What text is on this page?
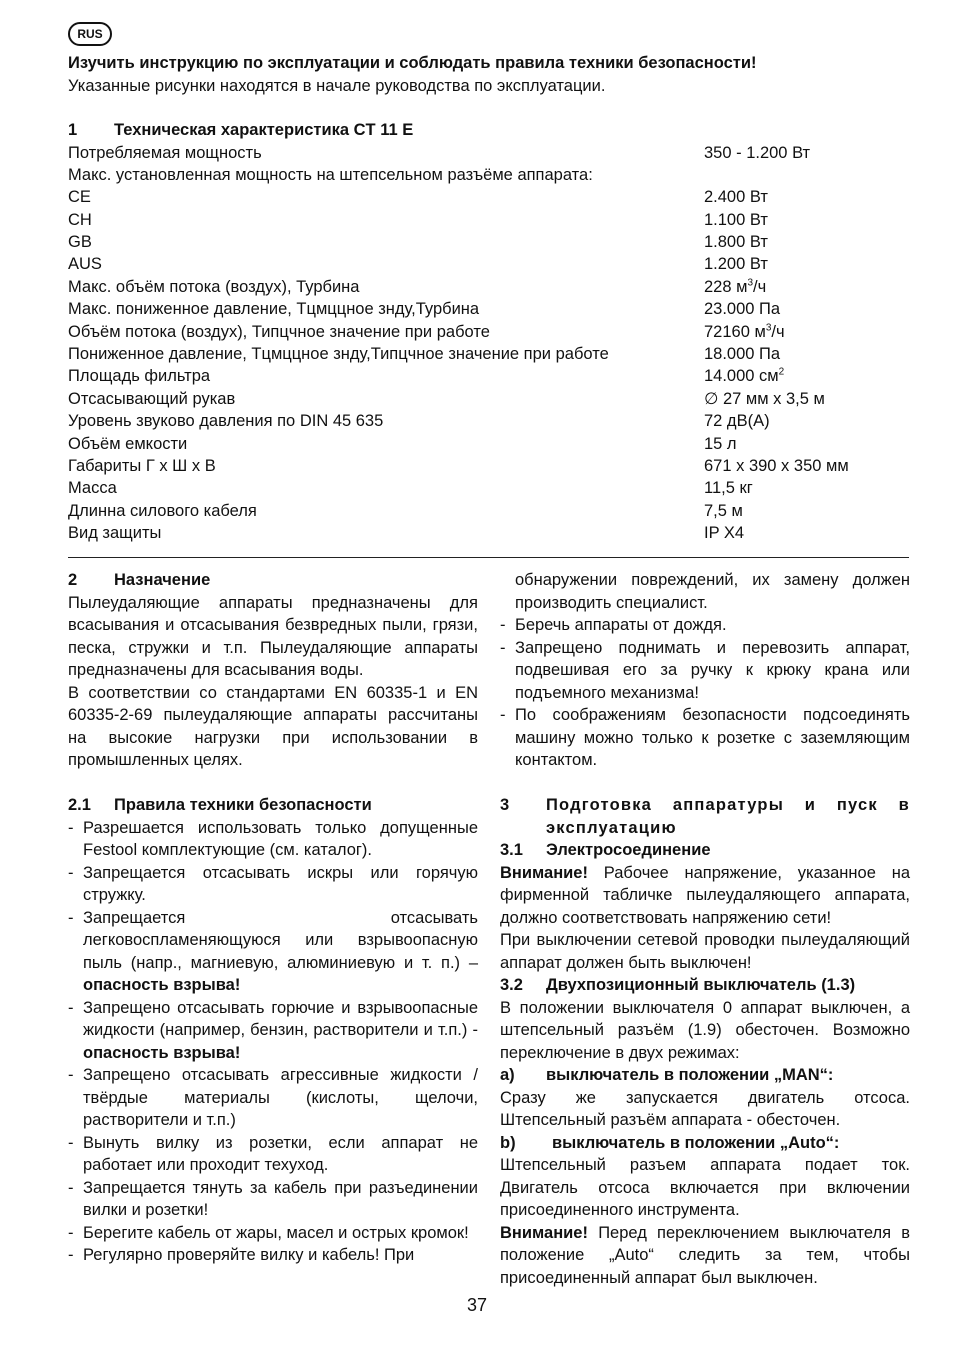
RUS
Изучить инструкцию по эксплуатации и соблюдать правила техники безопасности!
Указанные рисунки находятся в начале руководства по эксплуатации.
1 Техническая характеристика CT 11 E
Потребляемая мощность	350 - 1.200 Вт
Макс. установленная мощность на штепсельном разъёме аппарата:
CE	2.400 Вт
CH	1.100 Вт
GB	1.800 Вт
AUS	1.200 Вт
Макс. объём потока (воздух), Турбина	228 $м^3/ч$
Макс. пониженное давление, Тцмццное знду,Турбина	23.000 Па
Объём потока (воздух), Типцчное значение при работе	72160 $м^3/ч$
Пониженное давление, Тцмццное знду,Типцчное значение при работе	18.000 Па
Площадь фильтра	14.000 $см^2$
Отсасывающий рукав	∅ 27 мм x 3,5 м
Уровень звуково давления по DIN 45 635	72 дВ(A)
Объём емкости	15 л
Габариты Г x Ш x В	671 x 390 x 350 мм
Масса	11,5 кг
Длинна силового кабеля	7,5 м
Вид защиты	IP X4
2 Назначение

Пылеудаляющие аппараты предназначены для всасывания и отсасывания безвредных пыли, грязи, песка, стружки и т.п. Пылеудаляющие аппараты предназначены для всасывания воды.

В соответствии со стандартами EN 60335-1 и EN 60335-2-69 пылеудаляющие аппараты рассчитаны на высокие нагрузки при использовании в промышленных целях.

2.1 Правила техники безопасности
- Разрешается использовать только допущенные Festool комплектующие (см. каталог).
- Запрещается отсасывать искры или горячую стружку.
- Запрещается отсасывать легковоспламеняющуюся или взрывоопасную пыль (напр., магниевую, алюминиевую и т. п.) – опасность взрыва!
- Запрещено отсасывать горючие и взрывоопасные жидкости (например, бензин, растворители и т.п.) - опасность взрыва!
- Запрещено отсасывать агрессивные жидкости / твёрдые материалы (кислоты, щелочи, растворители и т.п.)
- Вынуть вилку из розетки, если аппарат не работает или проходит техуход.
- Запрещается тянуть за кабель при разъединении вилки и розетки!
- Берегите кабель от жары, масел и острых кромок!
- Регулярно проверяйте вилку и кабель! При
обнаружении повреждений, их замену должен производить специалист.
- Беречь аппараты от дождя.
- Запрещено поднимать и перевозить аппарат, подвешивая его за ручку к крюку крана или подъемного механизма!
- По соображениям безопасности подсоединять машину можно только к розетке с заземляющим контактом.
3 Подготовка аппаратуры и пуск в эксплуатацию
3.1 Электросоединение

Внимание! Рабочее напряжение, указанное на фирменной табличке пылеудаляющего аппарата, должно соответствовать напряжению сети!

При выключении сетевой проводки пылеудаляющий аппарат должен быть выключен!

3.2 Двухпозиционный выключатель (1.3)

В положении выключателя 0 аппарат выключен, а штепсельный разъём (1.9) обесточен. Возможно переключение в двух режимах:

a) выключатель в положении „MAN“:

Сразу же запускается двигатель отсоса. Штепсельный разъём аппарата - обесточен.

b) выключатель в положении „Auto“:

Штепсельный разъем аппарата подает ток. Двигатель отсоса включается при включении присоединенного инструмента.

Внимание! Перед переключением выключателя в положение „Auto“ следить за тем, чтобы присоединенный аппарат был выключен.

37
